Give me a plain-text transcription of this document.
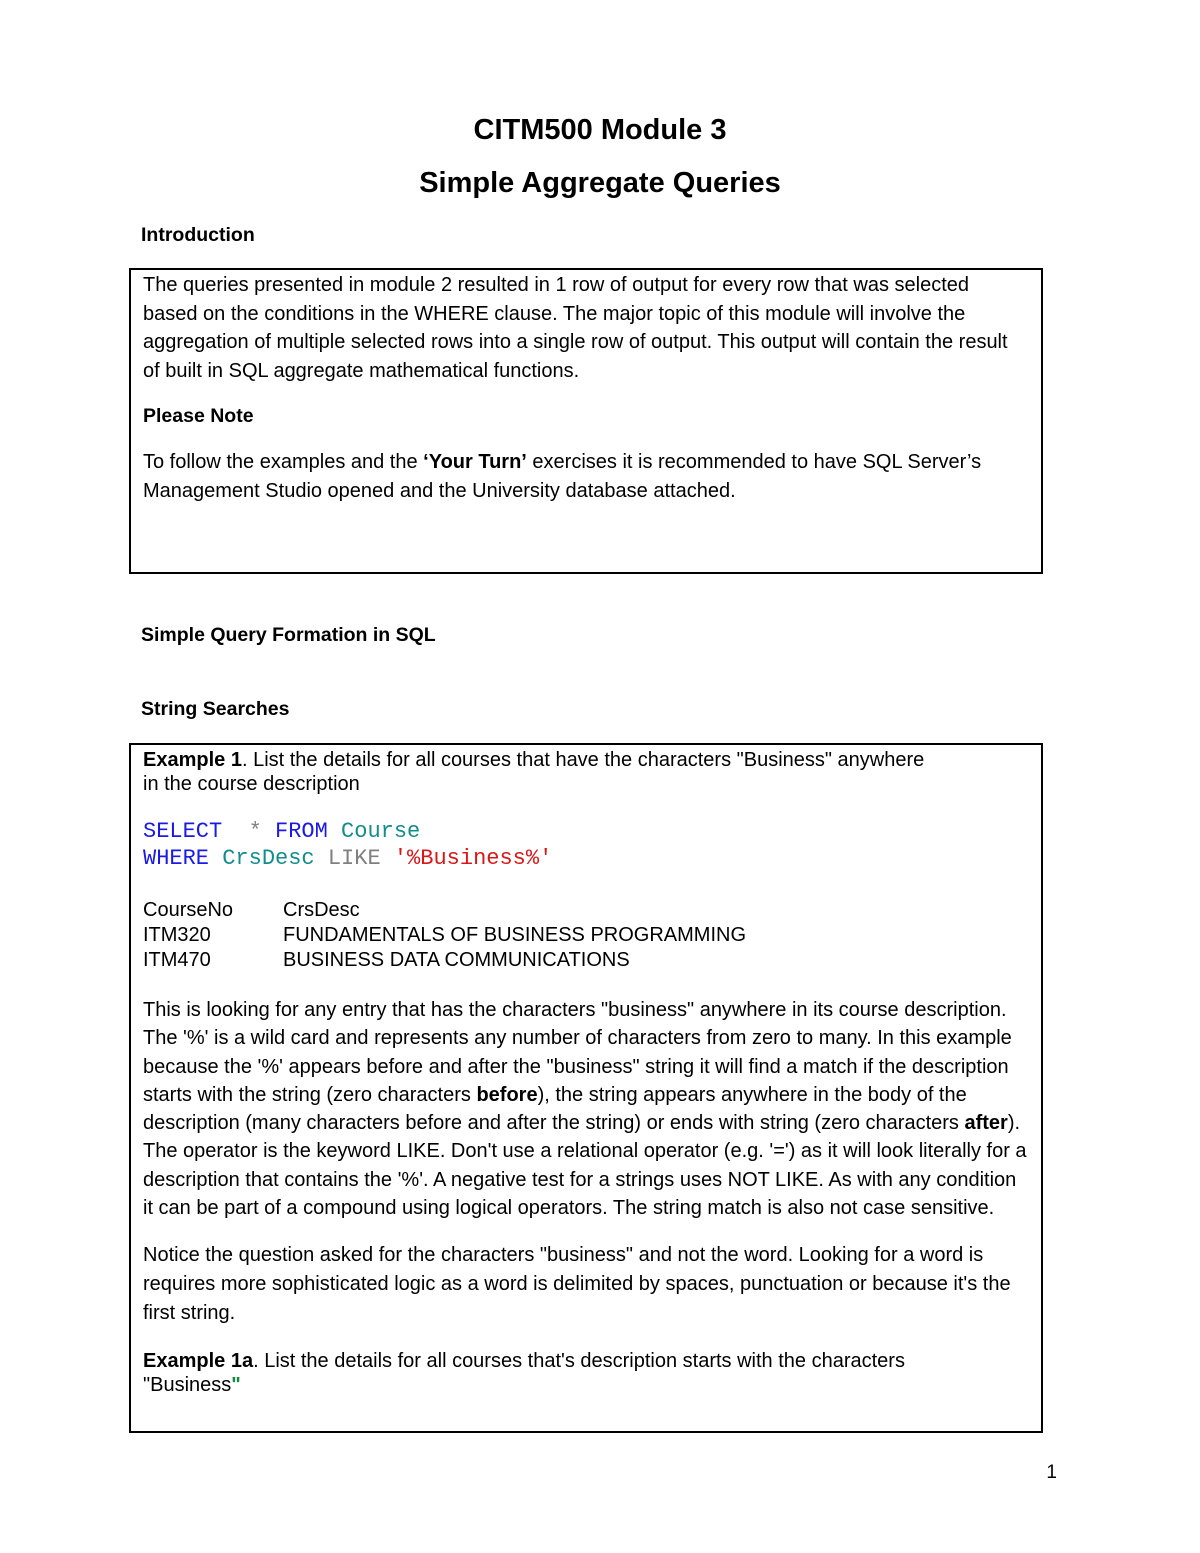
CITM500 Module 3
Simple Aggregate Queries
Introduction

The queries presented in module 2 resulted in 1 row of output for every row that was selected based on the conditions in the WHERE clause. The major topic of this module will involve the aggregation of multiple selected rows into a single row of output. This output will contain the result of built in SQL aggregate mathematical functions.

Please Note

To follow the examples and the ‘Your Turn’ exercises it is recommended to have SQL Server’s Management Studio opened and the University database attached.

Simple Query Formation in SQL
String Searches

Example 1. List the details for all courses that have the characters "Business" anywhere
in the course description

SELECT * FROM Course
WHERE CrsDesc LIKE '%Business%'
CourseNo	CrsDesc
ITM320	FUNDAMENTALS OF BUSINESS PROGRAMMING
ITM470	BUSINESS DATA COMMUNICATIONS

This is looking for any entry that has the characters "business" anywhere in its course description. The '%' is a wild card and represents any number of characters from zero to many. In this example because the '%' appears before and after the "business" string it will find a match if the description starts with the string (zero characters before), the string appears anywhere in the body of the description (many characters before and after the string) or ends with string (zero characters after). The operator is the keyword LIKE. Don't use a relational operator (e.g. '=') as it will look literally for a description that contains the '%'. A negative test for a strings uses NOT LIKE. As with any condition it can be part of a compound using logical operators. The string match is also not case sensitive.

Notice the question asked for the characters "business" and not the word. Looking for a word is requires more sophisticated logic as a word is delimited by spaces, punctuation or because it's the first string.

Example 1a. List the details for all courses that's description starts with the characters
"Business"

1
